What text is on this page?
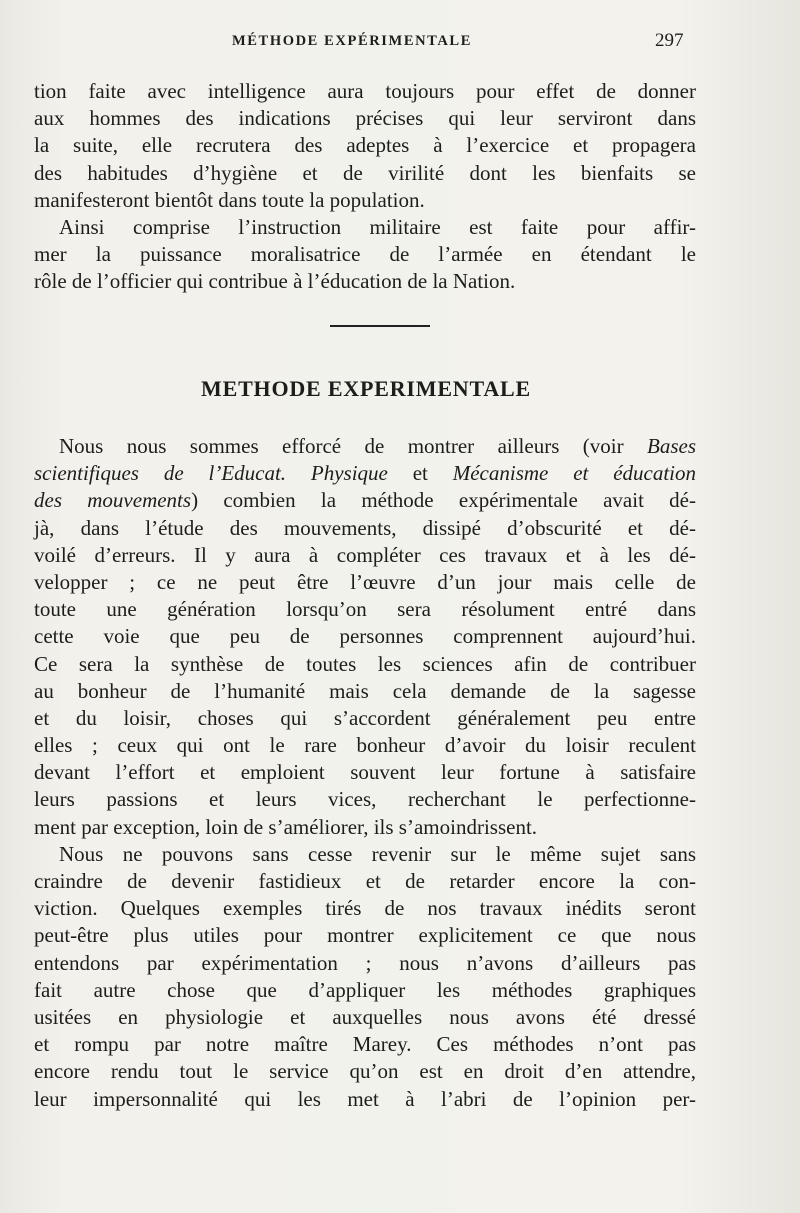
MÉTHODE EXPÉRIMENTALE	297
tion faite avec intelligence aura toujours pour effet de donner
aux hommes des indications précises qui leur serviront dans
la suite, elle recrutera des adeptes à l’exercice et propagera
des habitudes d’hygiène et de virilité dont les bienfaits se
manifesteront bientôt dans toute la population.
Ainsi comprise l’instruction militaire est faite pour affir-
mer la puissance moralisatrice de l’armée en étendant le
rôle de l’officier qui contribue à l’éducation de la Nation.
METHODE EXPERIMENTALE
Nous nous sommes efforcé de montrer ailleurs (voir Bases
scientifiques de l’Educat. Physique et Mécanisme et éducation
des mouvements) combien la méthode expérimentale avait dé-
jà, dans l’étude des mouvements, dissipé d’obscurité et dé-
voilé d’erreurs. Il y aura à compléter ces travaux et à les dé-
velopper ; ce ne peut être l’œuvre d’un jour mais celle de
toute une génération lorsqu’on sera résolument entré dans
cette voie que peu de personnes comprennent aujourd’hui.
Ce sera la synthèse de toutes les sciences afin de contribuer
au bonheur de l’humanité mais cela demande de la sagesse
et du loisir, choses qui s’accordent généralement peu entre
elles ; ceux qui ont le rare bonheur d’avoir du loisir reculent
devant l’effort et emploient souvent leur fortune à satisfaire
leurs passions et leurs vices, recherchant le perfectionne-
ment par exception, loin de s’améliorer, ils s’amoindrissent.
Nous ne pouvons sans cesse revenir sur le même sujet sans
craindre de devenir fastidieux et de retarder encore la con-
viction. Quelques exemples tirés de nos travaux inédits seront
peut-être plus utiles pour montrer explicitement ce que nous
entendons par expérimentation ; nous n’avons d’ailleurs pas
fait autre chose que d’appliquer les méthodes graphiques
usitées en physiologie et auxquelles nous avons été dressé
et rompu par notre maître Marey. Ces méthodes n’ont pas
encore rendu tout le service qu’on est en droit d’en attendre,
leur impersonnalité qui les met à l’abri de l’opinion per-
